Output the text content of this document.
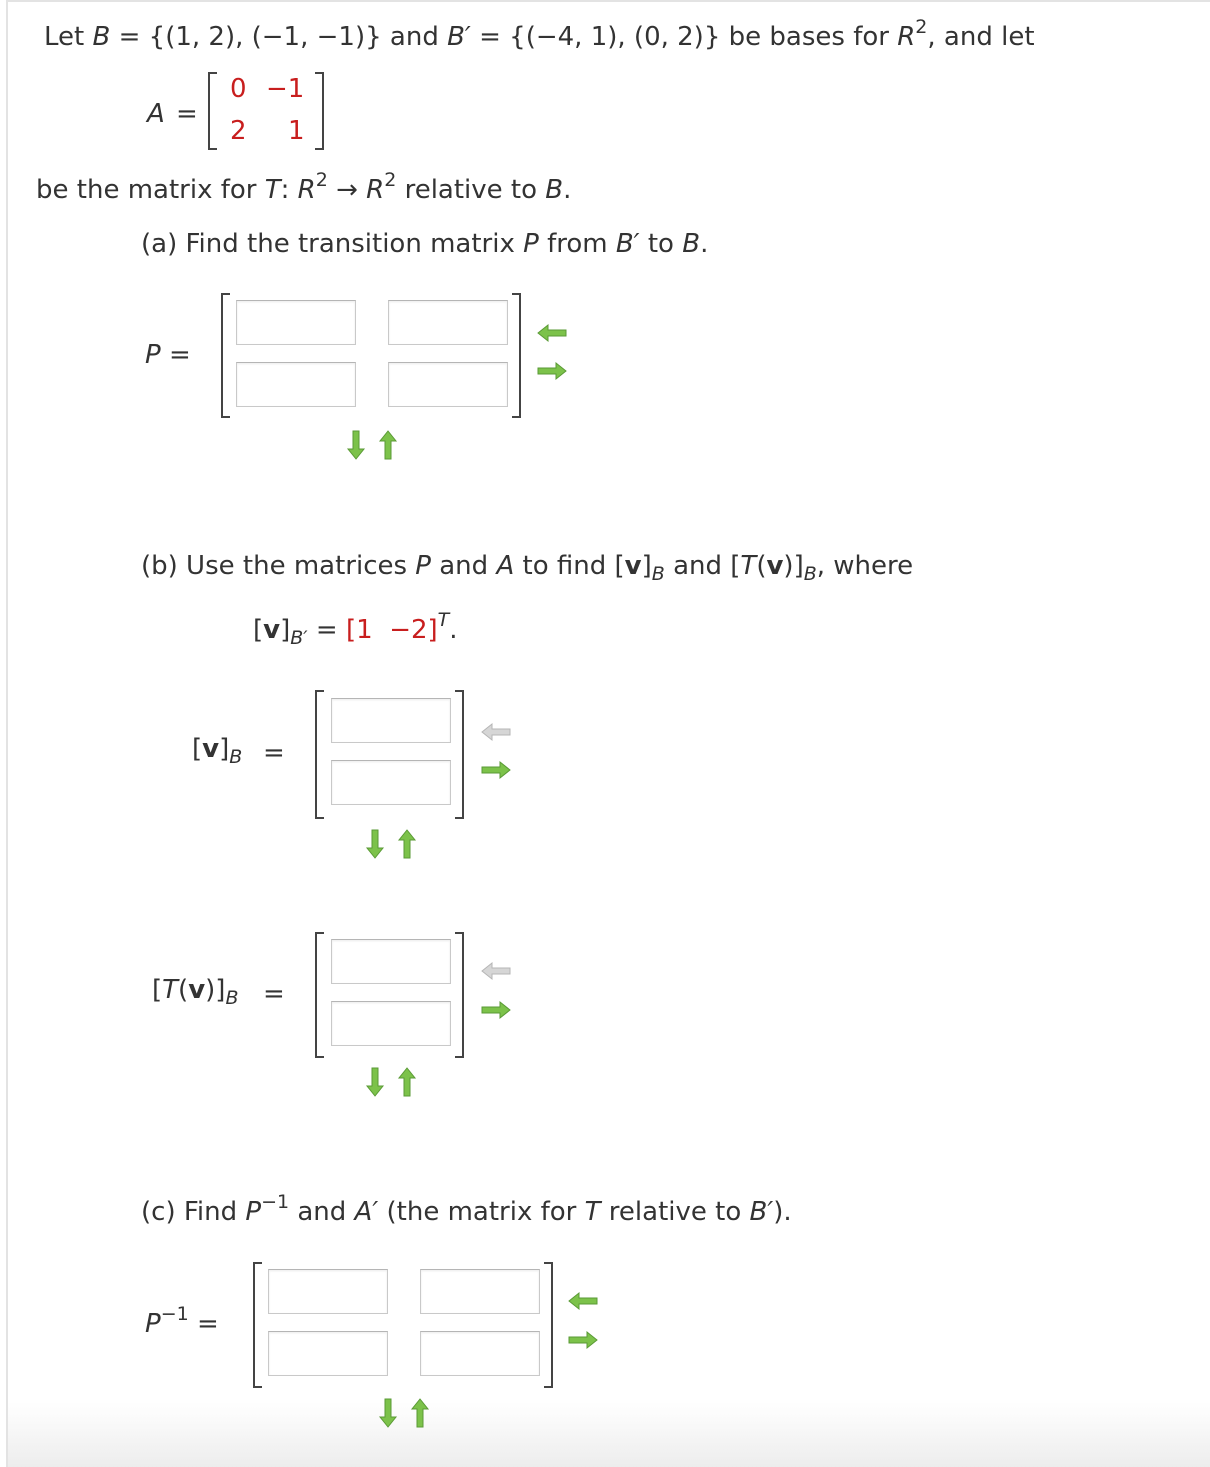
Let B = {(1, 2), (−1, −1)} and B′ = {(−4, 1), (0, 2)} be bases for $R^2$, and let
A =
0 −1
2 1
be the matrix for T: $R^2 \to R^2$ relative to B.
(a) Find the transition matrix P from B′ to B.
P =
(b) Use the matrices P and A to find $[v]_B$ and $[T(v)]_B$, where
$[v]_{B'} = [1 -2]^T$.
$[v]_B$ =
$[T(v)]_B$ =
(c) Find $P^{-1}$ and A′ (the matrix for T relative to B′).
$P^{-1}$ =
